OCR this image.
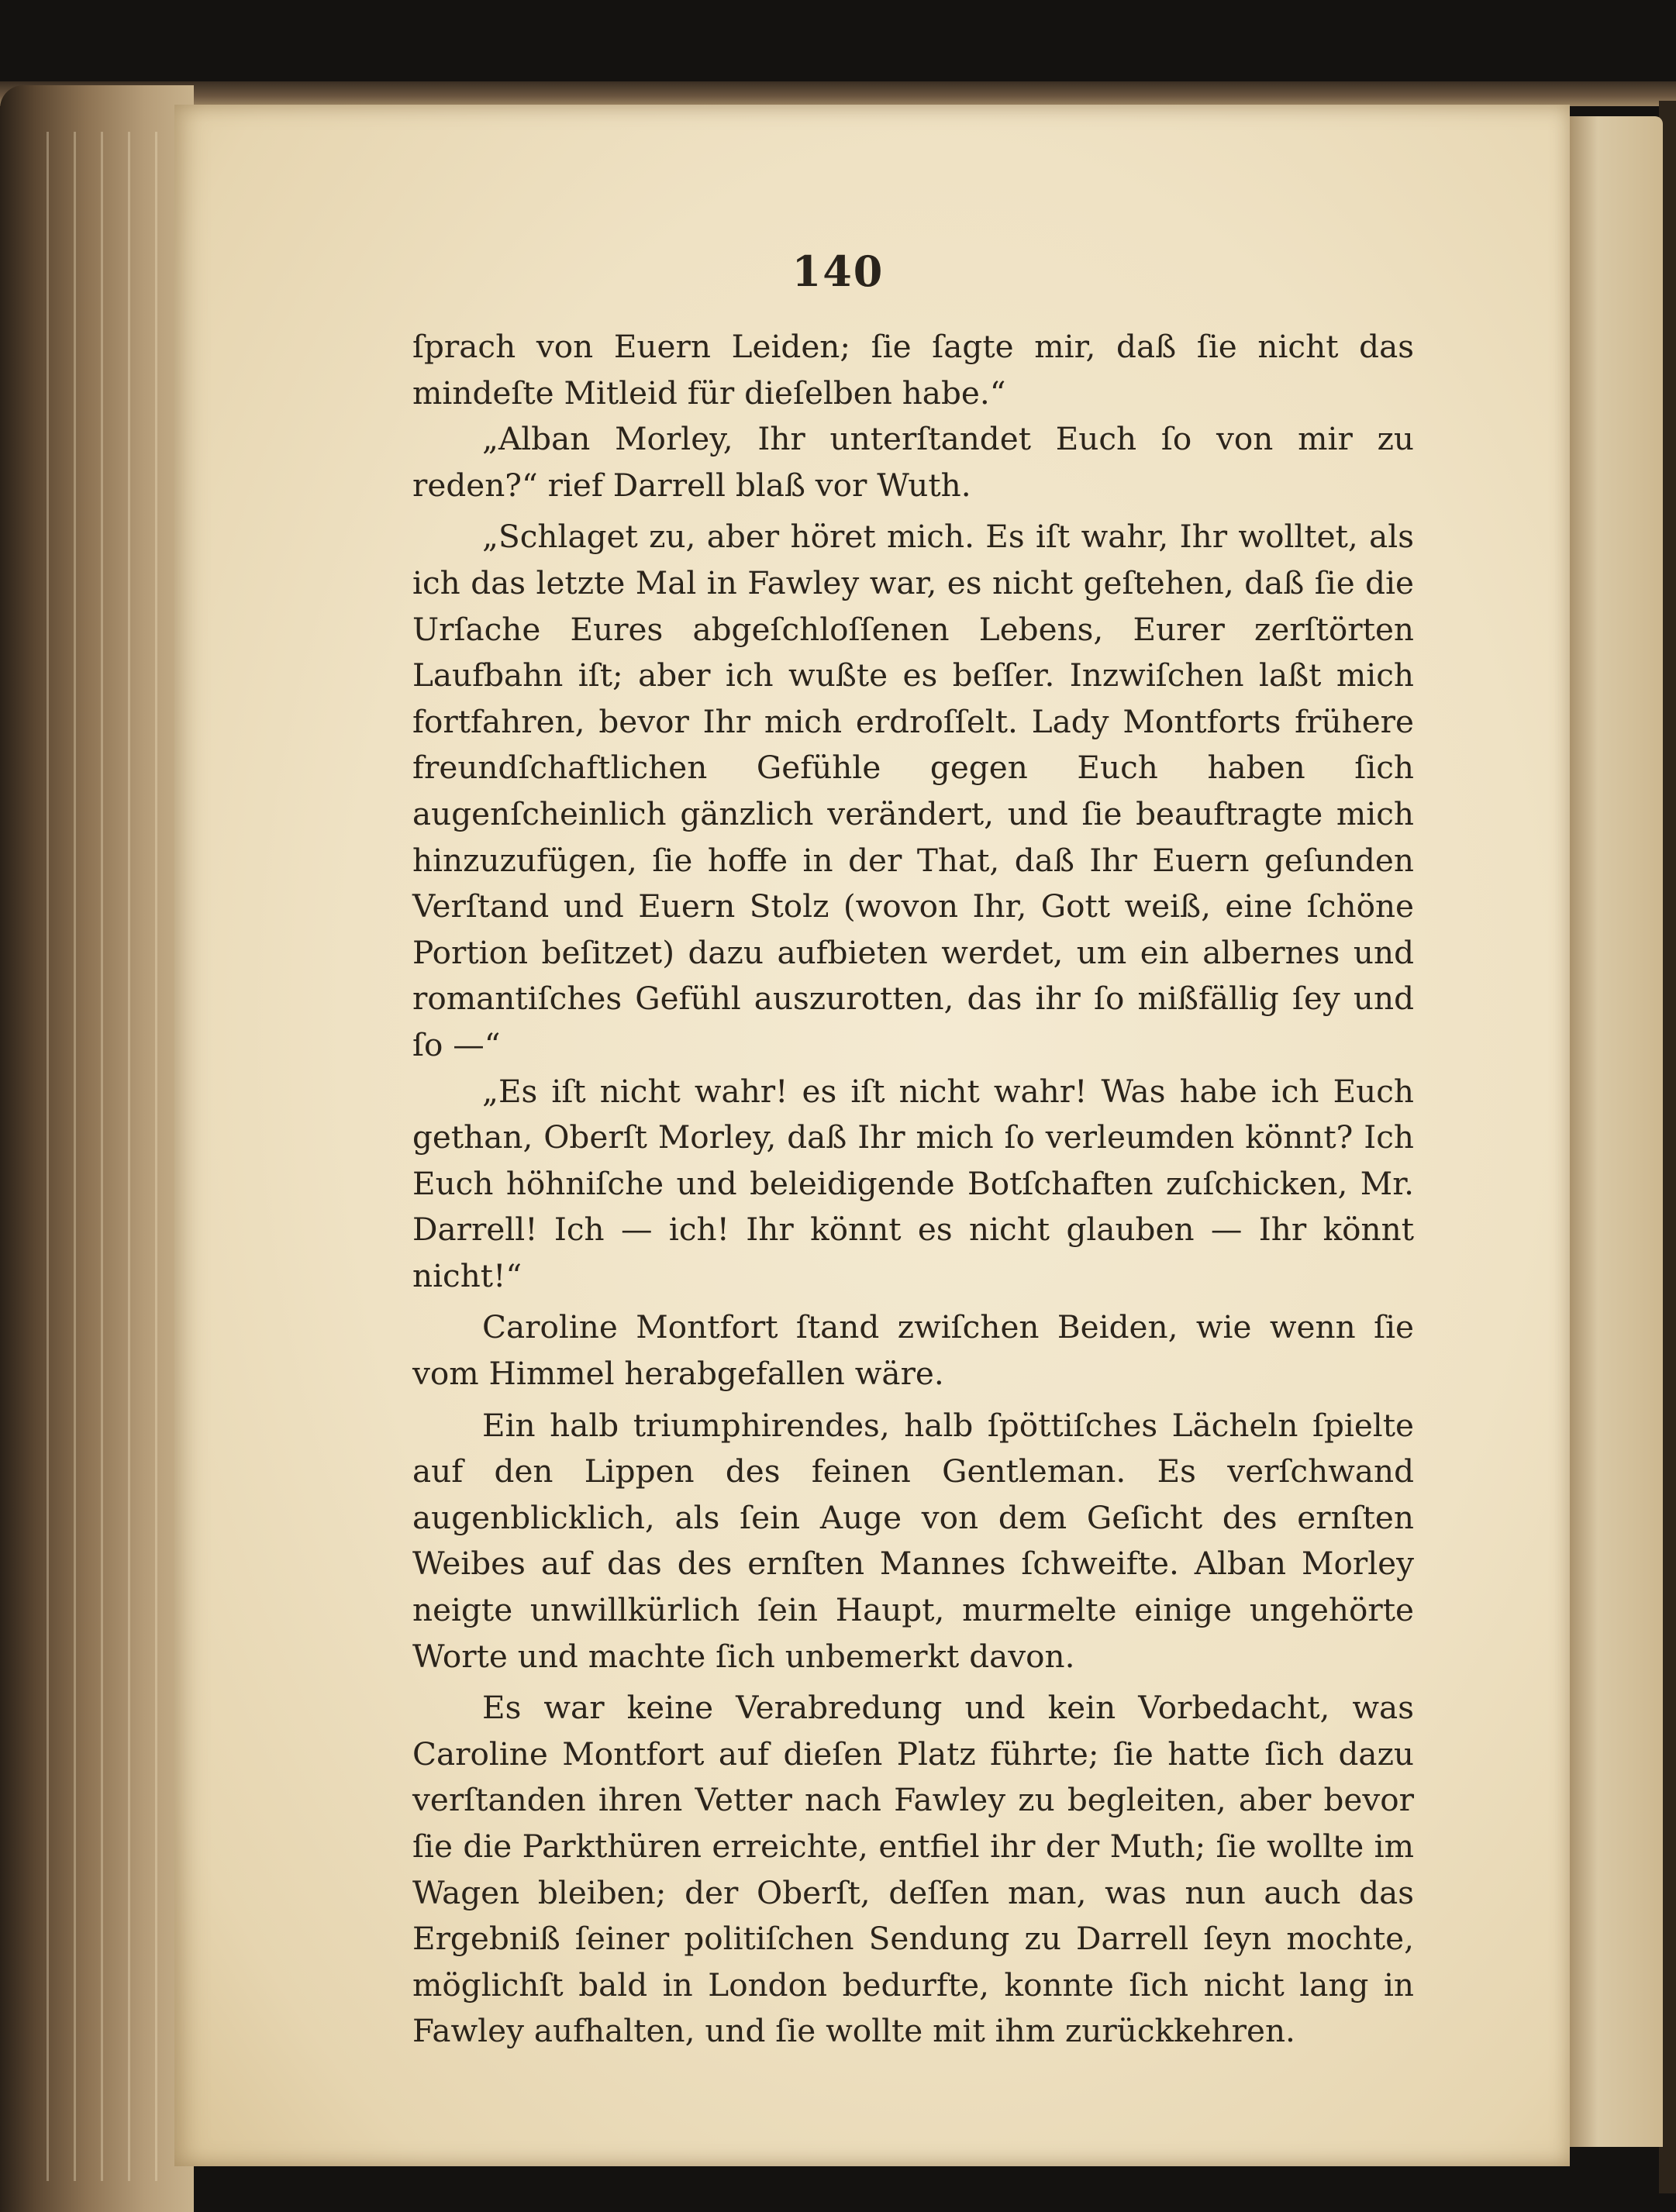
140

ſprach von Euern Leiden; ſie ſagte mir, daß ſie nicht das mindeſte Mitleid für dieſelben habe.“

„Alban Morley, Ihr unterſtandet Euch ſo von mir zu reden?“ rief Darrell blaß vor Wuth.

„Schlaget zu, aber höret mich. Es iſt wahr, Ihr wolltet, als ich das letzte Mal in Fawley war, es nicht geſtehen, daß ſie die Urſache Eures abgeſchloſſenen Lebens, Eurer zerſtörten Laufbahn iſt; aber ich wußte es beſſer. Inzwiſchen laßt mich fortfahren, bevor Ihr mich erdroſſelt. Lady Montforts frühere freundſchaftlichen Gefühle gegen Euch haben ſich augenſcheinlich gänzlich verändert, und ſie beauftragte mich hinzuzufügen, ſie hoffe in der That, daß Ihr Euern geſunden Verſtand und Euern Stolz (wovon Ihr, Gott weiß, eine ſchöne Portion beſitzet) dazu aufbieten werdet, um ein albernes und romantiſches Gefühl auszurotten, das ihr ſo mißfällig ſey und ſo —“

„Es iſt nicht wahr! es iſt nicht wahr! Was habe ich Euch gethan, Oberſt Morley, daß Ihr mich ſo verleumden könnt? Ich Euch höhniſche und beleidigende Botſchaften zuſchicken, Mr. Darrell! Ich — ich! Ihr könnt es nicht glauben — Ihr könnt nicht!“

Caroline Montfort ſtand zwiſchen Beiden, wie wenn ſie vom Himmel herabgefallen wäre.

Ein halb triumphirendes, halb ſpöttiſches Lächeln ſpielte auf den Lippen des feinen Gentleman. Es verſchwand augenblicklich, als ſein Auge von dem Geſicht des ernſten Weibes auf das des ernſten Mannes ſchweifte. Alban Morley neigte unwillkürlich ſein Haupt, murmelte einige ungehörte Worte und machte ſich unbemerkt davon.

Es war keine Verabredung und kein Vorbedacht, was Caroline Montfort auf dieſen Platz führte; ſie hatte ſich dazu verſtanden ihren Vetter nach Fawley zu begleiten, aber bevor ſie die Parkthüren erreichte, entfiel ihr der Muth; ſie wollte im Wagen bleiben; der Oberſt, deſſen man, was nun auch das Ergebniß ſeiner politiſchen Sendung zu Darrell ſeyn mochte, möglichſt bald in London bedurfte, konnte ſich nicht lang in Fawley aufhalten, und ſie wollte mit ihm zurückkehren.
